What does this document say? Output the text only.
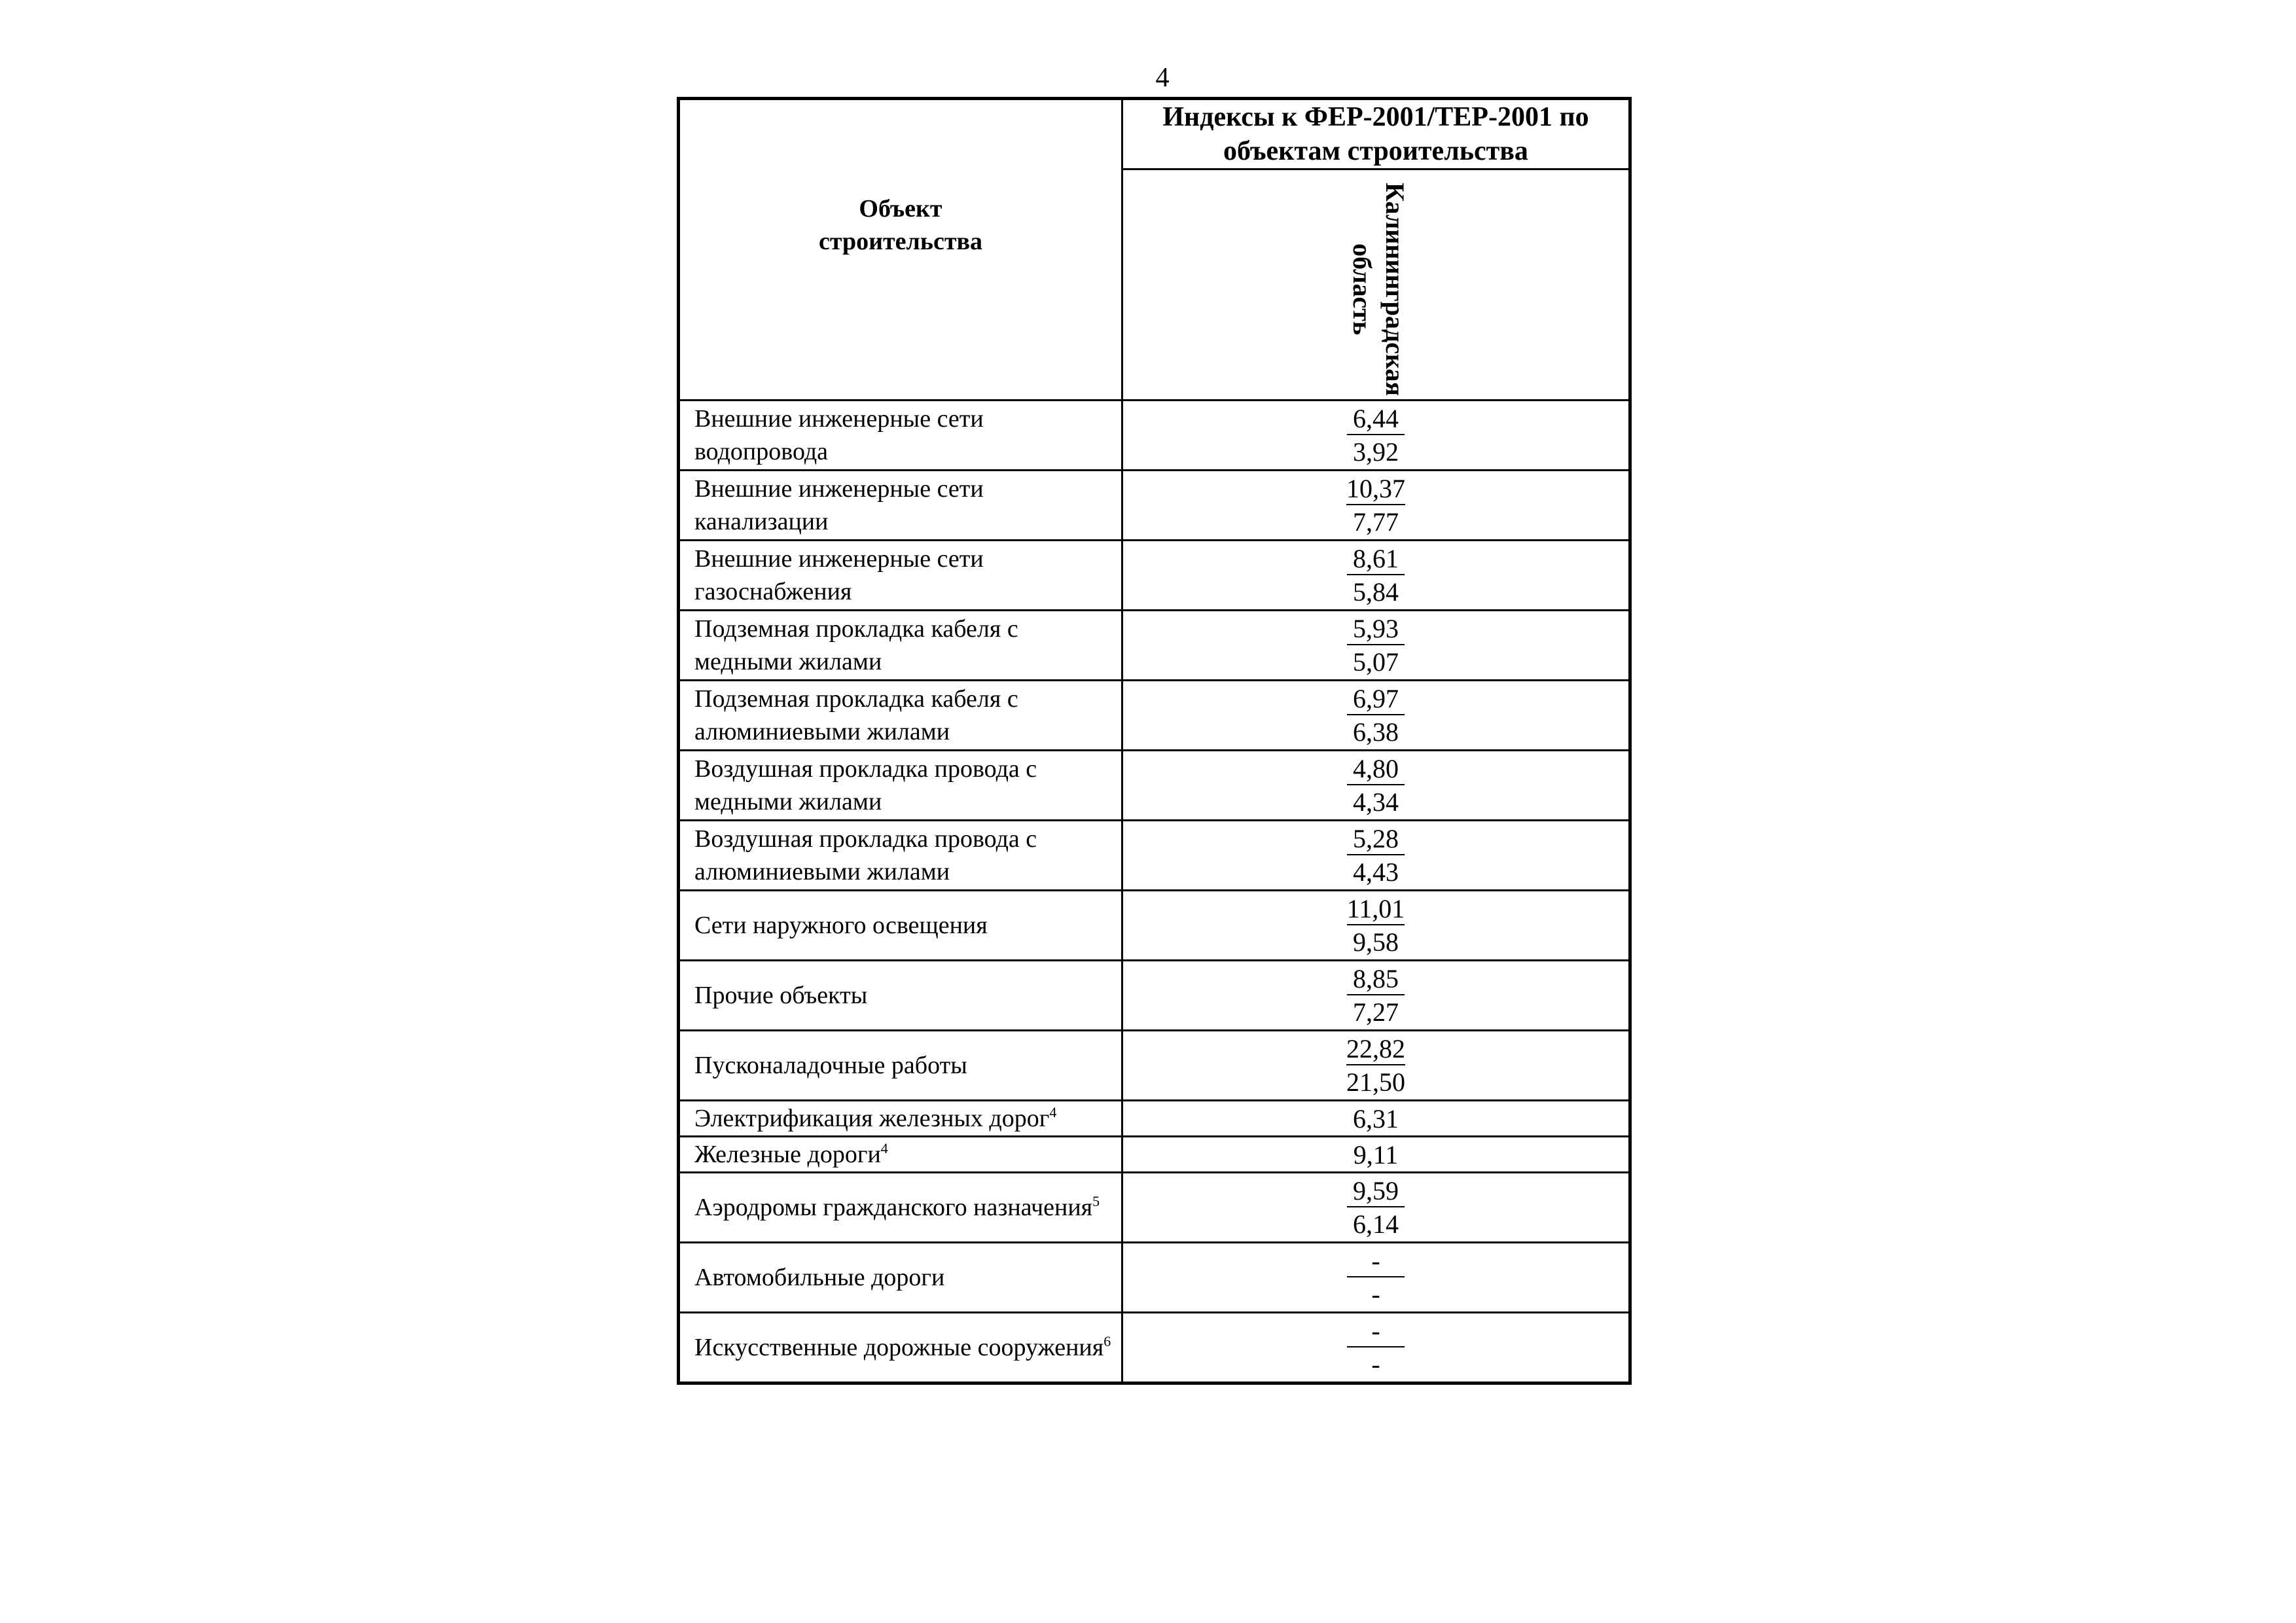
4
Объект строительства	Индексы к ФЕР-2001/ТЕР-2001 по объектам строительства

	Калининградская область

Внешние инженерные сети водопровода	6,44
3,92

Внешние инженерные сети канализации	10,37
7,77

Внешние инженерные сети газоснабжения	8,61
5,84

Подземная прокладка кабеля с медными жилами	5,93
5,07

Подземная прокладка кабеля с алюминиевыми жилами	6,97
6,38

Воздушная прокладка провода с медными жилами	4,80
4,34

Воздушная прокладка провода с алюминиевыми жилами	5,28
4,43

Сети наружного освещения	11,01
9,58

Прочие объекты	8,85
7,27

Пусконаладочные работы	22,82
21,50

Электрификация железных дорог$^4$	6,31

Железные дороги$^4$	9,11

Аэродромы гражданского назначения$^5$	9,59
6,14

Автомобильные дороги	-
-

Искусственные дорожные сооружения$^6$	-
-
